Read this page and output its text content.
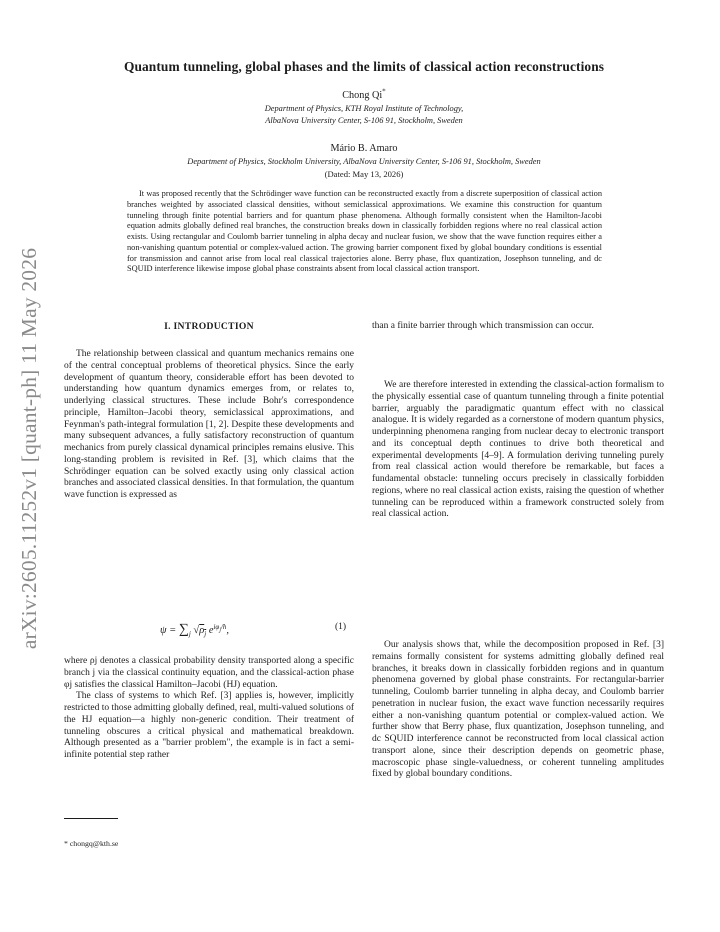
arXiv:2605.11252v1 [quant-ph] 11 May 2026
Quantum tunneling, global phases and the limits of classical action reconstructions
Chong Qi*
Department of Physics, KTH Royal Institute of Technology,
AlbaNova University Center, S-106 91, Stockholm, Sweden
Mário B. Amaro
Department of Physics, Stockholm University, AlbaNova University Center, S-106 91, Stockholm, Sweden
(Dated: May 13, 2026)
It was proposed recently that the Schrödinger wave function can be reconstructed exactly from a discrete superposition of classical action branches weighted by associated classical densities, without semiclassical approximations. We examine this construction for quantum tunneling through finite potential barriers and for quantum phase phenomena. Although formally consistent when the Hamilton-Jacobi equation admits globally defined real branches, the construction breaks down in classically forbidden regions where no real classical action exists. Using rectangular and Coulomb barrier tunneling in alpha decay and nuclear fusion, we show that the wave function requires either a non-vanishing quantum potential or complex-valued action. The growing barrier component fixed by global boundary conditions is essential for transmission and cannot arise from local real classical trajectories alone. Berry phase, flux quantization, Josephson tunneling, and dc SQUID interference likewise impose global phase constraints absent from local classical action transport.
I. INTRODUCTION

The relationship between classical and quantum mechanics remains one of the central conceptual problems of theoretical physics. Since the early development of quantum theory, considerable effort has been devoted to understanding how quantum dynamics emerges from, or relates to, underlying classical structures. These include Bohr's correspondence principle, Hamilton–Jacobi theory, semiclassical approximations, and Feynman's path-integral formulation [1, 2]. Despite these developments and many subsequent advances, a fully satisfactory reconstruction of quantum mechanics from purely classical dynamical principles remains elusive. This long-standing problem is revisited in Ref. [3], which claims that the Schrödinger equation can be solved exactly using only classical action branches and associated classical densities. In that formulation, the quantum wave function is expressed as

$\psi = \sum_j$ $√\rho_j$ $e^{i\varphi_j/ħ}$,	(1)

where ρj denotes a classical probability density transported along a specific branch j via the classical continuity equation, and the classical-action phase φj satisfies the classical Hamilton–Jacobi (HJ) equation.

The class of systems to which Ref. [3] applies is, however, implicitly restricted to those admitting globally defined, real, multi-valued solutions of the HJ equation—a highly non-generic condition. Their treatment of tunneling obscures a critical physical and mathematical breakdown. Although presented as a "barrier problem", the example is in fact a semi-infinite potential step rather

than a finite barrier through which transmission can occur.

We are therefore interested in extending the classical-action formalism to the physically essential case of quantum tunneling through a finite potential barrier, arguably the paradigmatic quantum effect with no classical analogue. It is widely regarded as a cornerstone of modern quantum physics, underpinning phenomena ranging from nuclear decay to electronic transport and its conceptual depth continues to drive both theoretical and experimental developments [4–9]. A formulation deriving tunneling purely from real classical action would therefore be remarkable, but faces a fundamental obstacle: tunneling occurs precisely in classically forbidden regions, where no real classical action exists, raising the question of whether tunneling can be reproduced within a framework constructed solely from real classical action.

Our analysis shows that, while the decomposition proposed in Ref. [3] remains formally consistent for systems admitting globally defined real branches, it breaks down in classically forbidden regions and in quantum phenomena governed by global phase constraints. For rectangular-barrier tunneling, Coulomb barrier tunneling in alpha decay, and Coulomb barrier penetration in nuclear fusion, the exact wave function necessarily requires either a non-vanishing quantum potential or complex-valued action. We further show that Berry phase, flux quantization, Josephson tunneling, and dc SQUID interference cannot be reconstructed from local classical action transport alone, since their description depends on geometric phase, macroscopic phase single-valuedness, or coherent tunneling amplitudes fixed by global boundary conditions.

* chongq@kth.se
